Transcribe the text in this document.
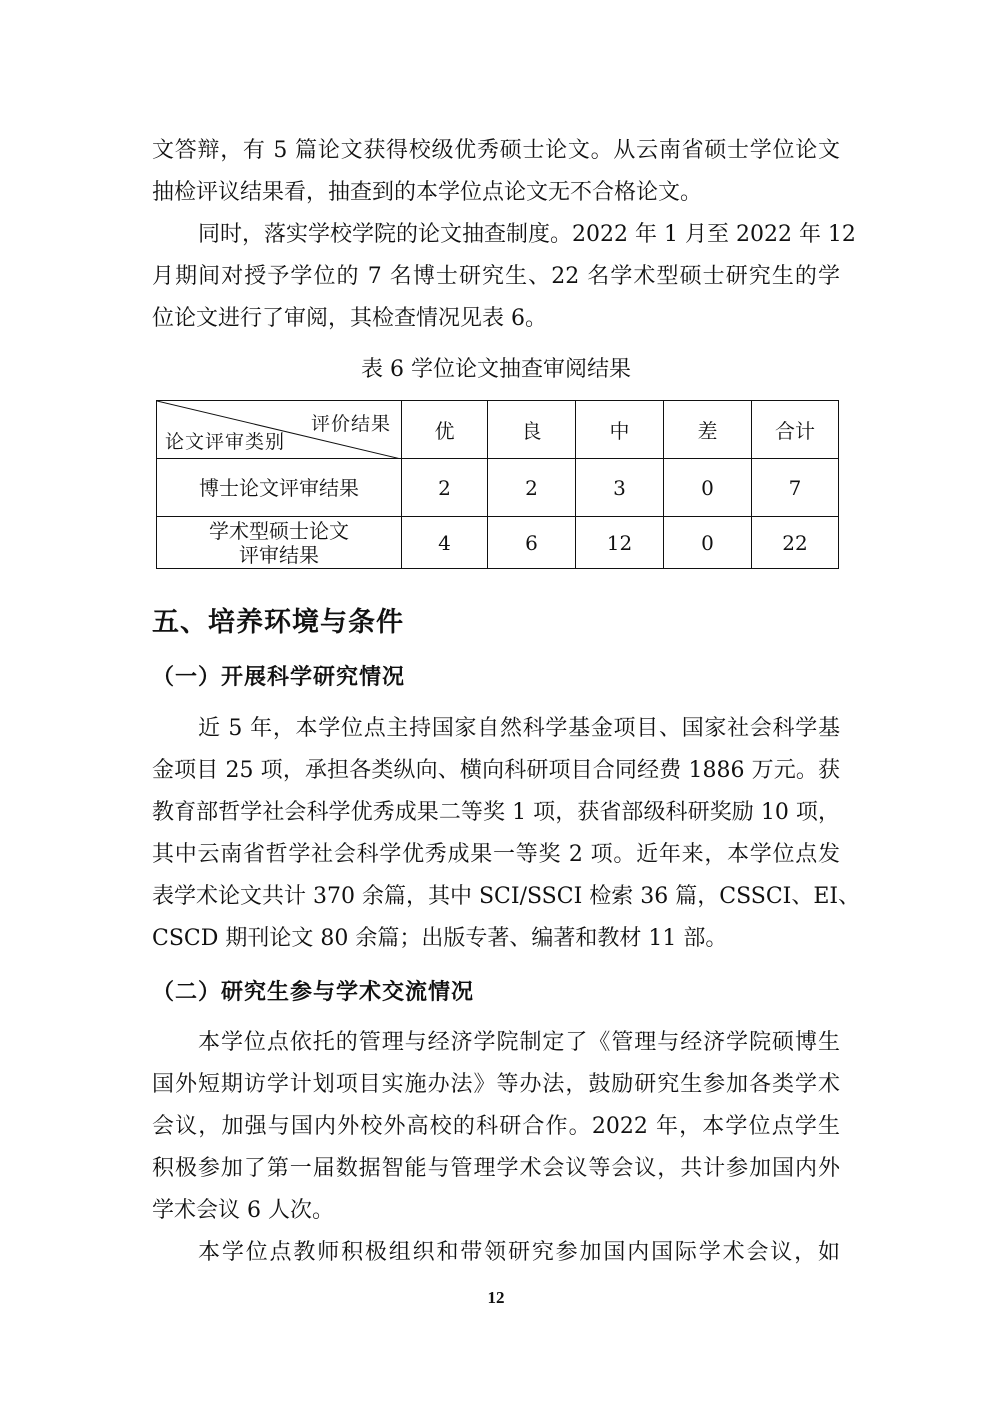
文答辩，有 5 篇论文获得校级优秀硕士论文。从云南省硕士学位论文
抽检评议结果看，抽查到的本学位点论文无不合格论文。
同时，落实学校学院的论文抽查制度。2022 年 1 月至 2022 年 12
月期间对授予学位的 7 名博士研究生、22 名学术型硕士研究生的学
位论文进行了审阅，其检查情况见表 6。
表 6 学位论文抽查审阅结果
评价结果
论文评审类别	优	良	中	差	合计

博士论文评审结果	2	2	3	0	7

学术型硕士论文
评审结果	4	6	12	0	22
五、培养环境与条件
（一）开展科学研究情况
近 5 年，本学位点主持国家自然科学基金项目、国家社会科学基
金项目 25 项，承担各类纵向、横向科研项目合同经费 1886 万元。获
教育部哲学社会科学优秀成果二等奖 1 项，获省部级科研奖励 10 项，
其中云南省哲学社会科学优秀成果一等奖 2 项。近年来，本学位点发
表学术论文共计 370 余篇，其中 SCI/SSCI 检索 36 篇，CSSCI、EI、
CSCD 期刊论文 80 余篇；出版专著、编著和教材 11 部。
（二）研究生参与学术交流情况
本学位点依托的管理与经济学院制定了《管理与经济学院硕博生
国外短期访学计划项目实施办法》等办法，鼓励研究生参加各类学术
会议，加强与国内外校外高校的科研合作。2022 年，本学位点学生
积极参加了第一届数据智能与管理学术会议等会议，共计参加国内外
学术会议 6 人次。
本学位点教师积极组织和带领研究参加国内国际学术会议，如
12
